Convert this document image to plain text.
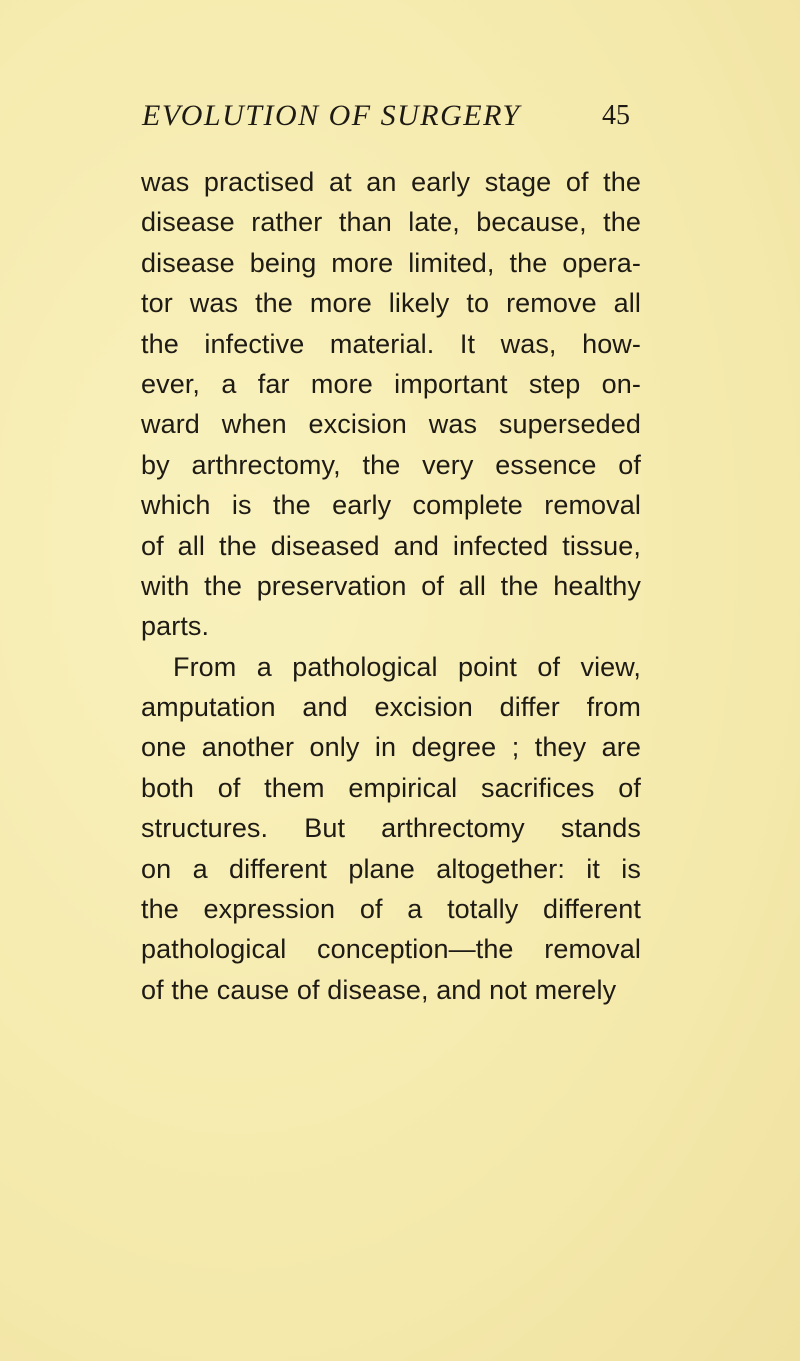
EVOLUTION OF SURGERY	45
was practised at an early stage of the
disease rather than late, because, the
disease being more limited, the opera-
tor was the more likely to remove all
the infective material. It was, how-
ever, a far more important step on-
ward when excision was superseded
by arthrectomy, the very essence of
which is the early complete removal
of all the diseased and infected tissue,
with the preservation of all the healthy
parts.
From a pathological point of view,
amputation and excision differ from
one another only in degree ; they are
both of them empirical sacrifices of
structures. But arthrectomy stands
on a different plane altogether: it is
the expression of a totally different
pathological conception—the removal
of the cause of disease, and not merely
